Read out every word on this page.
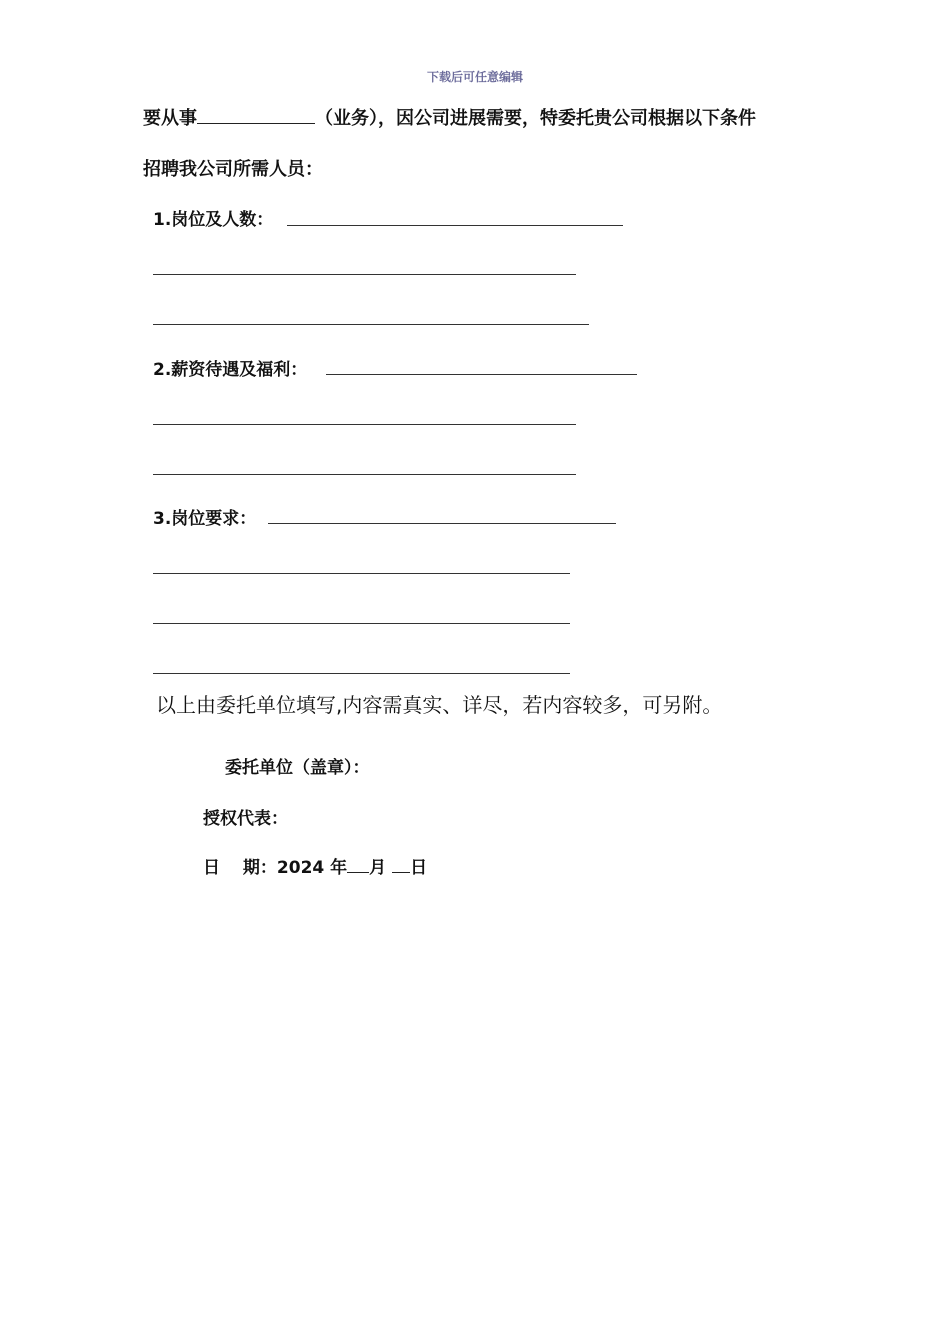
下载后可任意编辑
要从事	（业务），因公司进展需要，特委托贵公司根据以下条件
招聘我公司所需人员：
1.岗位及人数：
2.薪资待遇及福利：
3.岗位要求：
以上由委托单位填写,内容需真实、详尽，若内容较多，可另附。
委托单位（盖章）：
授权代表：
日　 期：2024 年 月 日
